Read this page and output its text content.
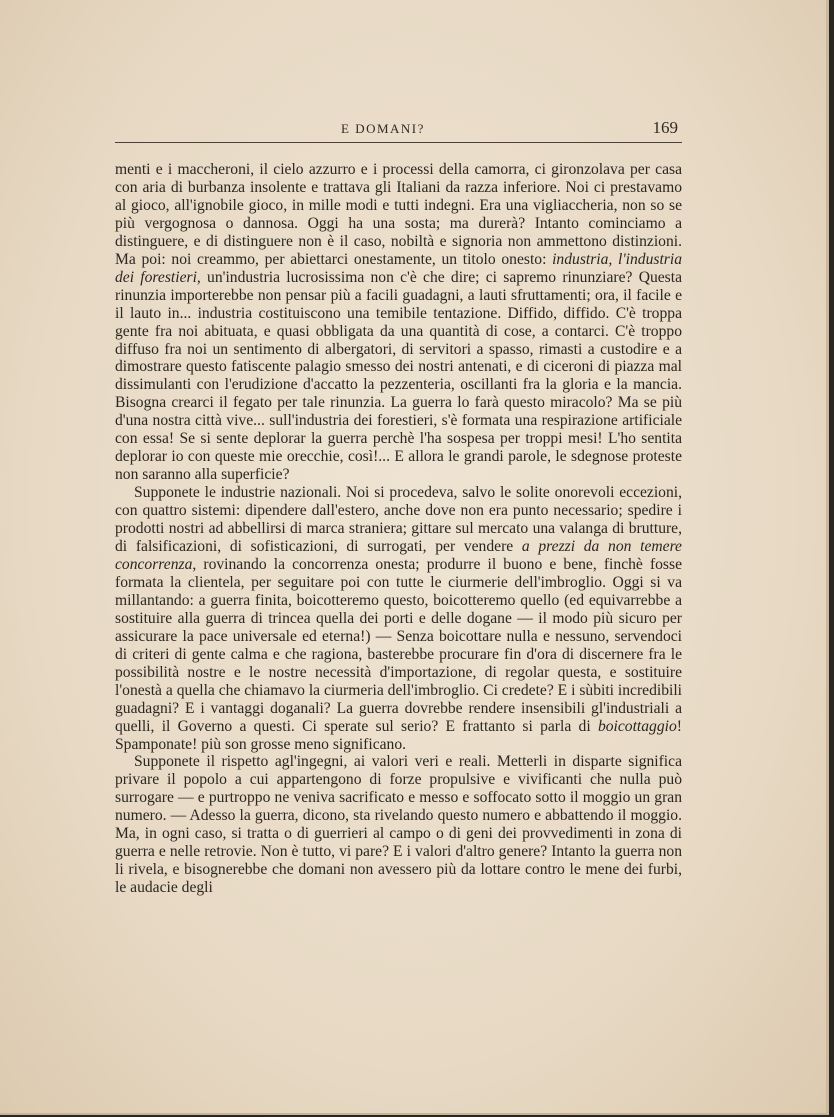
E DOMANI?	169

menti e i maccheroni, il cielo azzurro e i processi della camorra, ci gironzolava per casa con aria di burbanza insolente e trattava gli Italiani da razza inferiore. Noi ci prestavamo al gioco, all'ignobile gioco, in mille modi e tutti indegni. Era una vigliaccheria, non so se più vergognosa o dannosa. Oggi ha una sosta; ma durerà? Intanto cominciamo a distinguere, e di distinguere non è il caso, nobiltà e signoria non ammettono distinzioni. Ma poi: noi creammo, per abiettarci onestamente, un titolo onesto: industria, l'industria dei forestieri, un'industria lucrosissima non c'è che dire; ci sapremo rinunziare? Questa rinunzia importerebbe non pensar più a facili guadagni, a lauti sfruttamenti; ora, il facile e il lauto in... industria costituiscono una temibile tentazione. Diffido, diffido. C'è troppa gente fra noi abituata, e quasi obbligata da una quantità di cose, a contarci. C'è troppo diffuso fra noi un sentimento di albergatori, di servitori a spasso, rimasti a custodire e a dimostrare questo fatiscente palagio smesso dei nostri antenati, e di ciceroni di piazza mal dissimulanti con l'erudizione d'accatto la pezzenteria, oscillanti fra la gloria e la mancia. Bisogna crearci il fegato per tale rinunzia. La guerra lo farà questo miracolo? Ma se più d'una nostra città vive... sull'industria dei forestieri, s'è formata una respirazione artificiale con essa! Se si sente deplorar la guerra perchè l'ha sospesa per troppi mesi! L'ho sentita deplorar io con queste mie orecchie, così!... E allora le grandi parole, le sdegnose proteste non saranno alla superficie?

Supponete le industrie nazionali. Noi si procedeva, salvo le solite onorevoli eccezioni, con quattro sistemi: dipendere dall'estero, anche dove non era punto necessario; spedire i prodotti nostri ad abbellirsi di marca straniera; gittare sul mercato una valanga di brutture, di falsificazioni, di sofisticazioni, di surrogati, per vendere a prezzi da non temere concorrenza, rovinando la concorrenza onesta; produrre il buono e bene, finchè fosse formata la clientela, per seguitare poi con tutte le ciurmerie dell'imbroglio. Oggi si va millantando: a guerra finita, boicotteremo questo, boicotteremo quello (ed equivarrebbe a sostituire alla guerra di trincea quella dei porti e delle dogane — il modo più sicuro per assicurare la pace universale ed eterna!) — Senza boicottare nulla e nessuno, servendoci di criteri di gente calma e che ragiona, basterebbe procurare fin d'ora di discernere fra le possibilità nostre e le nostre necessità d'importazione, di regolar questa, e sostituire l'onestà a quella che chiamavo la ciurmeria dell'imbroglio. Ci credete? E i sùbiti incredibili guadagni? E i vantaggi doganali? La guerra dovrebbe rendere insensibili gl'industriali a quelli, il Governo a questi. Ci sperate sul serio? E frattanto si parla di boicottaggio! Spamponate! più son grosse meno significano.

Supponete il rispetto agl'ingegni, ai valori veri e reali. Metterli in disparte significa privare il popolo a cui appartengono di forze propulsive e vivificanti che nulla può surrogare — e purtroppo ne veniva sacrificato e messo e soffocato sotto il moggio un gran numero. — Adesso la guerra, dicono, sta rivelando questo numero e abbattendo il moggio. Ma, in ogni caso, si tratta o di guerrieri al campo o di geni dei provvedimenti in zona di guerra e nelle retrovie. Non è tutto, vi pare? E i valori d'altro genere? Intanto la guerra non li rivela, e bisognerebbe che domani non avessero più da lottare contro le mene dei furbi, le audacie degli
